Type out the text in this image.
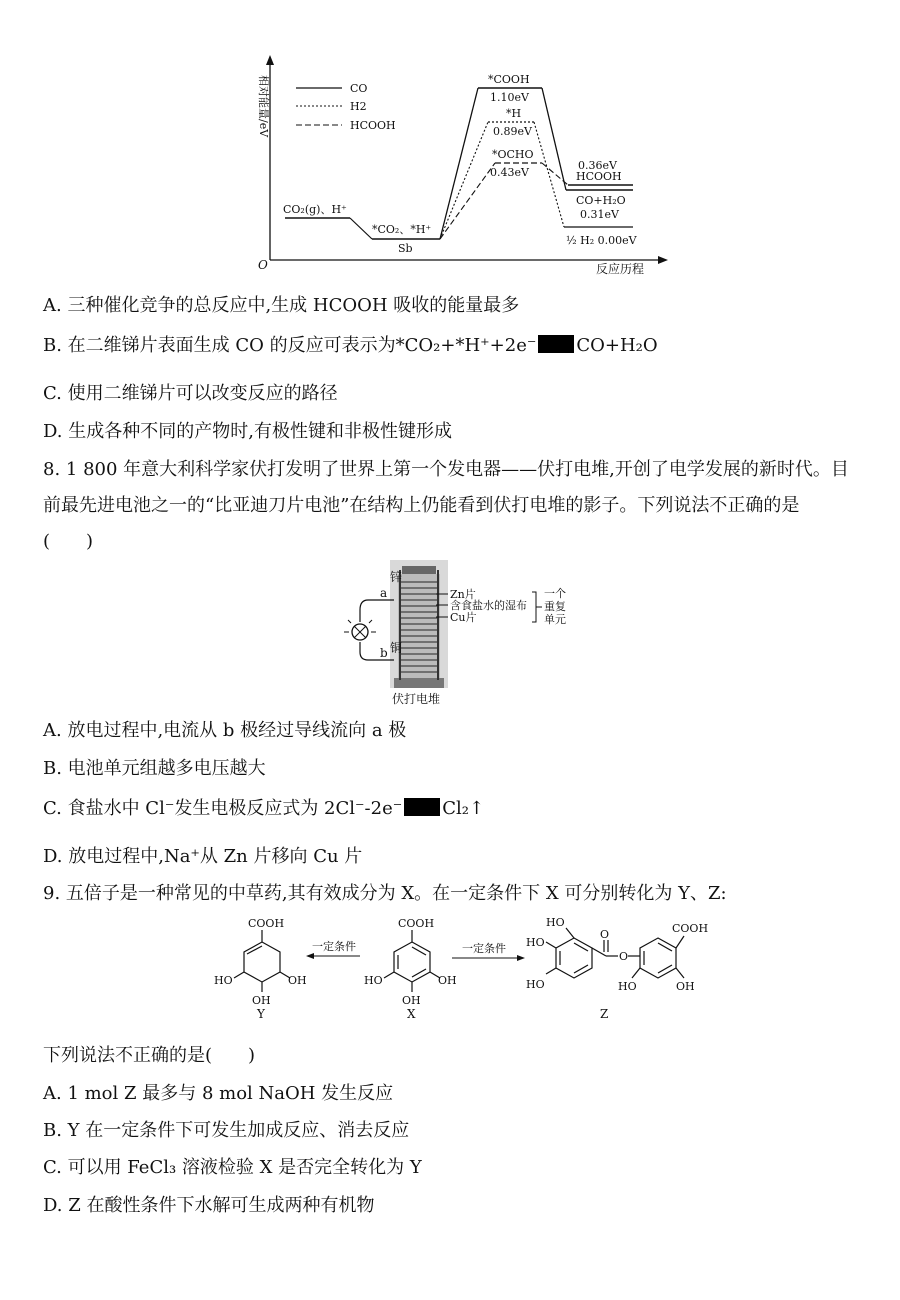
相对能量/eV
O	反应历程
CO
H2
HCOOH
CO₂(g)、H⁺
*CO₂、*H⁺
Sb
*COOH
1.10eV
CO+H₂O
0.31eV
*H
0.89eV
½ H₂ 0.00eV
*OCHO
0.43eV
0.36eV
HCOOH
A. 三种催化竞争的总反应中,生成 HCOOH 吸收的能量最多
B. 在二维锑片表面生成 CO 的反应可表示为*CO₂+*H⁺+2e⁻ CO+H₂O
C. 使用二维锑片可以改变反应的路径
D. 生成各种不同的产物时,有极性键和非极性键形成
8. 1 800 年意大利科学家伏打发明了世界上第一个发电器——伏打电堆,开创了电学发展的新时代。目前最先进电池之一的“比亚迪刀片电池”在结构上仍能看到伏打电堆的影子。下列说法不正确的是　　(　　)
a
锌
b 铜
Zn片
含食盐水的湿布
Cu片
一个重复单元
伏打电堆
A. 放电过程中,电流从 b 极经过导线流向 a 极
B. 电池单元组越多电压越大
C. 食盐水中 Cl⁻发生电极反应式为 2Cl⁻-2e⁻ Cl₂↑
D. 放电过程中,Na⁺从 Zn 片移向 Cu 片
9. 五倍子是一种常见的中草药,其有效成分为 X。在一定条件下 X 可分别转化为 Y、Z:
COOH
HO	OH
OH
Y
一定条件
COOH
HO	OH
OH
X
一定条件
HO
HO
HO
O
O
COOH
HO	OH
Z
下列说法不正确的是(　　)
A. 1 mol Z 最多与 8 mol NaOH 发生反应
B. Y 在一定条件下可发生加成反应、消去反应
C. 可以用 FeCl₃ 溶液检验 X 是否完全转化为 Y
D. Z 在酸性条件下水解可生成两种有机物
